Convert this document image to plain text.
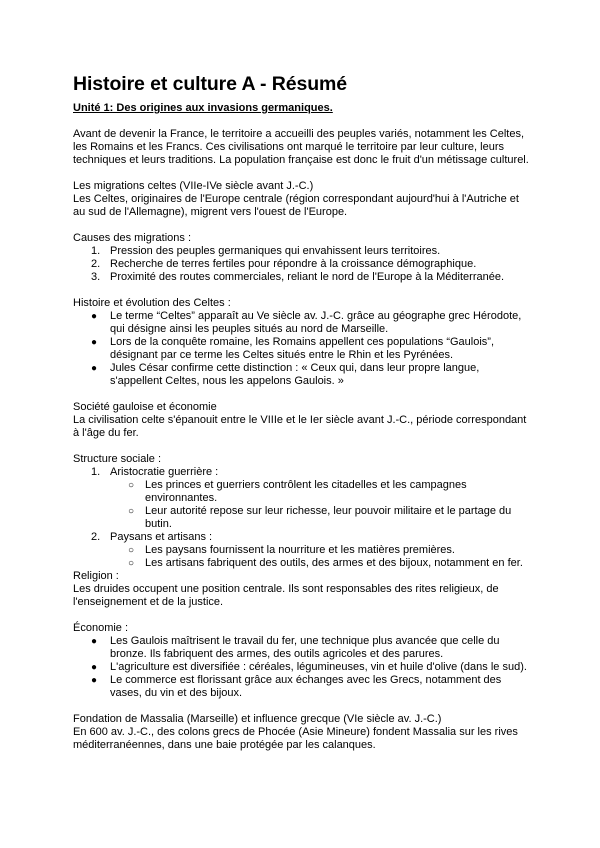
Histoire et culture A - Résumé
Unité 1: Des origines aux invasions germaniques.

Avant de devenir la France, le territoire a accueilli des peuples variés, notamment les Celtes, les Romains et les Francs. Ces civilisations ont marqué le territoire par leur culture, leurs techniques et leurs traditions. La population française est donc le fruit d'un métissage culturel.

Les migrations celtes (VIIe-IVe siècle avant J.-C.)

Les Celtes, originaires de l'Europe centrale (région correspondant aujourd'hui à l'Autriche et au sud de l'Allemagne), migrent vers l'ouest de l'Europe.

Causes des migrations :

1. Pression des peuples germaniques qui envahissent leurs territoires.
2. Recherche de terres fertiles pour répondre à la croissance démographique.
3. Proximité des routes commerciales, reliant le nord de l'Europe à la Méditerranée.

Histoire et évolution des Celtes :

● Le terme “Celtes” apparaît au Ve siècle av. J.-C. grâce au géographe grec Hérodote, qui désigne ainsi les peuples situés au nord de Marseille.
● Lors de la conquête romaine, les Romains appellent ces populations “Gaulois”, désignant par ce terme les Celtes situés entre le Rhin et les Pyrénées.
● Jules César confirme cette distinction : « Ceux qui, dans leur propre langue, s'appellent Celtes, nous les appelons Gaulois. »

Société gauloise et économie

La civilisation celte s'épanouit entre le VIIIe et le Ier siècle avant J.-C., période correspondant à l'âge du fer.

Structure sociale :

1. Aristocratie guerrière :
○ Les princes et guerriers contrôlent les citadelles et les campagnes environnantes.
○ Leur autorité repose sur leur richesse, leur pouvoir militaire et le partage du butin.
2. Paysans et artisans :
○ Les paysans fournissent la nourriture et les matières premières.
○ Les artisans fabriquent des outils, des armes et des bijoux, notamment en fer.

Religion :

Les druides occupent une position centrale. Ils sont responsables des rites religieux, de l'enseignement et de la justice.

Économie :

● Les Gaulois maîtrisent le travail du fer, une technique plus avancée que celle du bronze. Ils fabriquent des armes, des outils agricoles et des parures.
● L'agriculture est diversifiée : céréales, légumineuses, vin et huile d'olive (dans le sud).
● Le commerce est florissant grâce aux échanges avec les Grecs, notamment des vases, du vin et des bijoux.

Fondation de Massalia (Marseille) et influence grecque (VIe siècle av. J.-C.)

En 600 av. J.-C., des colons grecs de Phocée (Asie Mineure) fondent Massalia sur les rives méditerranéennes, dans une baie protégée par les calanques.
